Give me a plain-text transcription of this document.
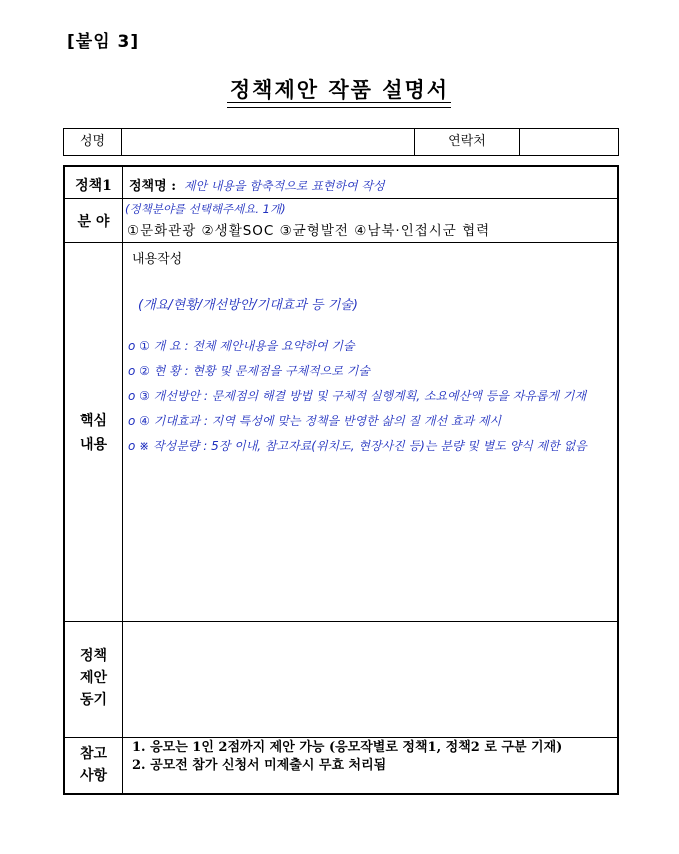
[붙임 3]
정책제안 작품 설명서
성명	연락처
정책1	정책명 : 제안 내용을 함축적으로 표현하여 작성
분 야
(정책분야를 선택해주세요. 1개)
①문화관광 ②생활SOC ③균형발전 ④남북·인접시군 협력
핵심
내용
내용작성
(개요/현황/개선방안/기대효과 등 기술)
o ① 개 요 : 전체 제안내용을 요약하여 기술
o ② 현 황 : 현황 및 문제점을 구체적으로 기술
o ③ 개선방안 : 문제점의 해결 방법 및 구체적 실행계획, 소요예산액 등을 자유롭게 기재
o ④ 기대효과 : 지역 특성에 맞는 정책을 반영한 삶의 질 개선 효과 제시
o ※ 작성분량 : 5장 이내, 참고자료(위치도, 현장사진 등)는 분량 및 별도 양식 제한 없음
정책
제안
동기
참고
사항
1. 응모는 1인 2점까지 제안 가능 (응모작별로 정책1, 정책2 로 구분 기재)
2. 공모전 참가 신청서 미제출시 무효 처리됨
